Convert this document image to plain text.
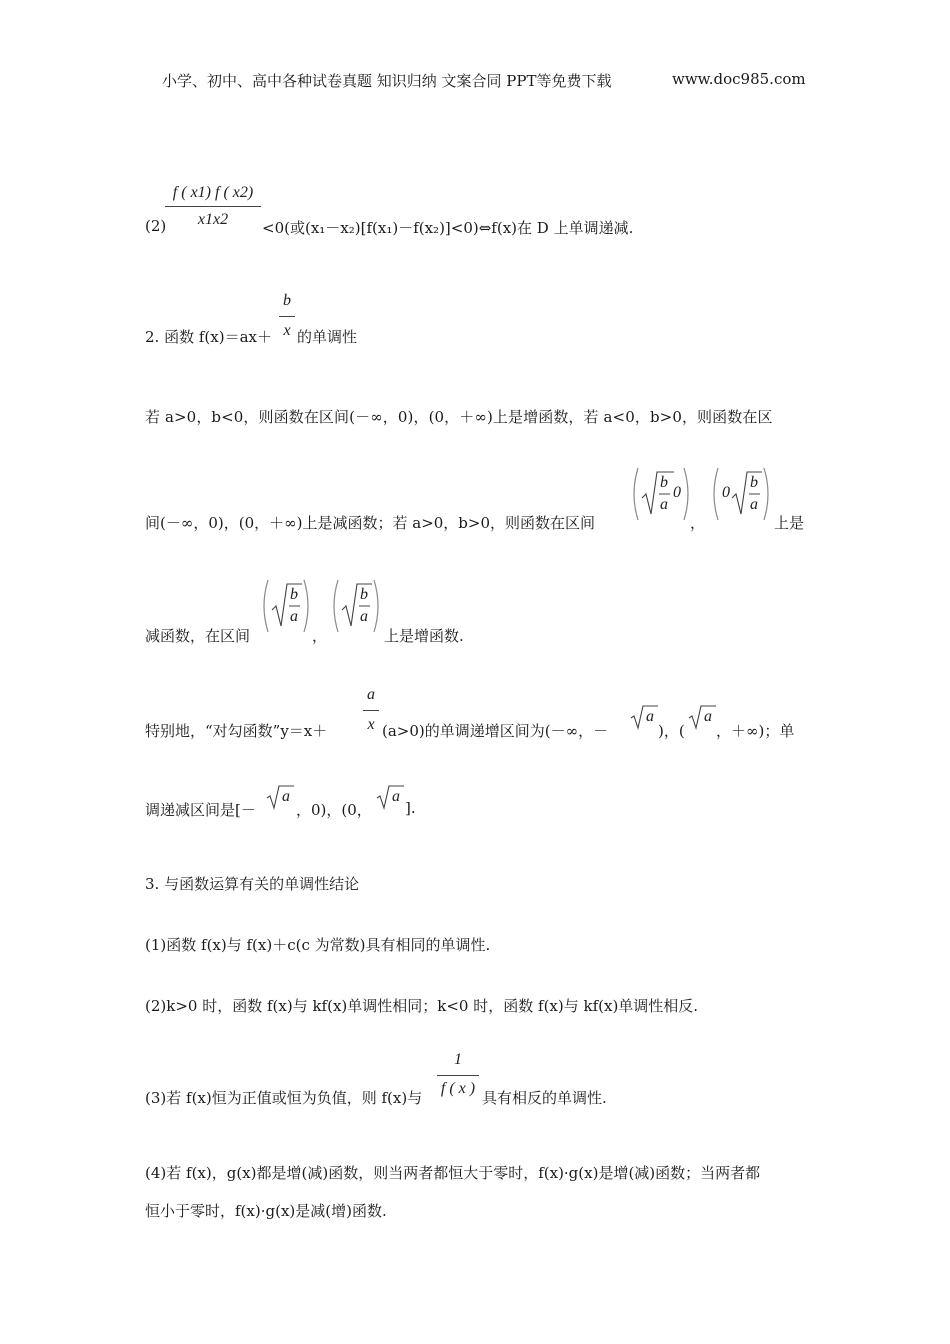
小学、初中、高中各种试卷真题 知识归纳 文案合同 PPT等免费下载	www.doc985.com
(2)
f ( x1) f ( x2)
x1x2	<0(或(x₁－x₂)[f(x₁)－f(x₂)]<0)⇔f(x)在 D 上单调递减.
2. 函数 f(x)＝ax＋
b
x 的单调性
若 a>0，b<0，则函数在区间(－∞，0)，(0，＋∞)上是增函数，若 a<0，b>0，则函数在区
间(－∞，0)，(0，＋∞)上是减函数；若 a>0，b>0，则函数在区间
b
a
0
，
0
b
a
上是
减函数，在区间
b
a
，
b
a
上是增函数.
特别地，“对勾函数”y＝x＋
a
x (a>0)的单调递增区间为(－∞，－
a
)，(
a
，＋∞)；单
调递减区间是[－
a
，0)，(0，
a
].
3. 与函数运算有关的单调性结论
(1)函数 f(x)与 f(x)＋c(c 为常数)具有相同的单调性.
(2)k>0 时，函数 f(x)与 kf(x)单调性相同；k<0 时，函数 f(x)与 kf(x)单调性相反.
(3)若 f(x)恒为正值或恒为负值，则 f(x)与
1
f ( x )
具有相反的单调性.
(4)若 f(x)，g(x)都是增(减)函数，则当两者都恒大于零时，f(x)·g(x)是增(减)函数；当两者都
恒小于零时，f(x)·g(x)是减(增)函数.
